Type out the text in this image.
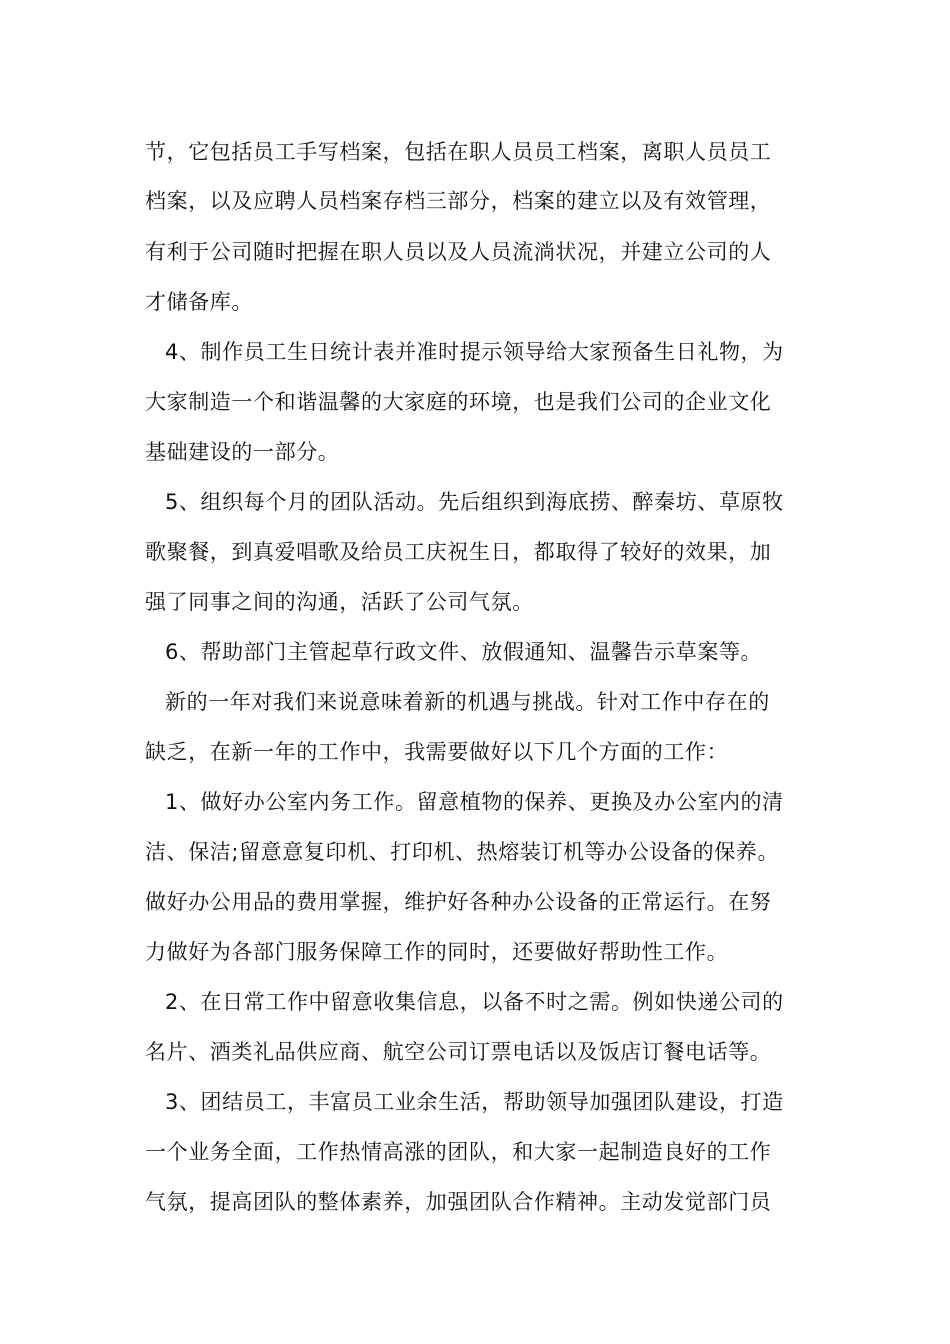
节，它包括员工手写档案，包括在职人员员工档案，离职人员员工
档案，以及应聘人员档案存档三部分，档案的建立以及有效管理，
有利于公司随时把握在职人员以及人员流淌状况，并建立公司的人
才储备库。
4、制作员工生日统计表并准时提示领导给大家预备生日礼物，为
大家制造一个和谐温馨的大家庭的环境，也是我们公司的企业文化
基础建设的一部分。
5、组织每个月的团队活动。先后组织到海底捞、醉秦坊、草原牧
歌聚餐，到真爱唱歌及给员工庆祝生日，都取得了较好的效果，加
强了同事之间的沟通，活跃了公司气氛。
6、帮助部门主管起草行政文件、放假通知、温馨告示草案等。
新的一年对我们来说意味着新的机遇与挑战。针对工作中存在的
缺乏，在新一年的工作中，我需要做好以下几个方面的工作：
1、做好办公室内务工作。留意植物的保养、更换及办公室内的清
洁、保洁;留意意复印机、打印机、热熔装订机等办公设备的保养。
做好办公用品的费用掌握，维护好各种办公设备的正常运行。在努
力做好为各部门服务保障工作的同时，还要做好帮助性工作。
2、在日常工作中留意收集信息，以备不时之需。例如快递公司的
名片、酒类礼品供应商、航空公司订票电话以及饭店订餐电话等。
3、团结员工，丰富员工业余生活，帮助领导加强团队建设，打造
一个业务全面，工作热情高涨的团队，和大家一起制造良好的工作
气氛，提高团队的整体素养，加强团队合作精神。主动发觉部门员
